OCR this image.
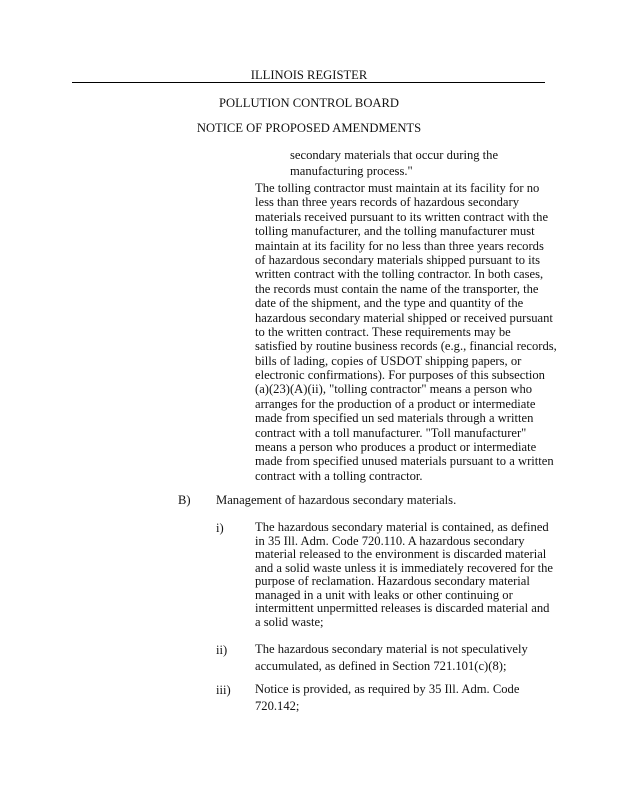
ILLINOIS REGISTER
POLLUTION CONTROL BOARD
NOTICE OF PROPOSED AMENDMENTS
secondary materials that occur during the
manufacturing process."
The tolling contractor must maintain at its facility for no
less than three years records of hazardous secondary
materials received pursuant to its written contract with the
tolling manufacturer, and the tolling manufacturer must
maintain at its facility for no less than three years records
of hazardous secondary materials shipped pursuant to its
written contract with the tolling contractor. In both cases,
the records must contain the name of the transporter, the
date of the shipment, and the type and quantity of the
hazardous secondary material shipped or received pursuant
to the written contract. These requirements may be
satisfied by routine business records (e.g., financial records,
bills of lading, copies of USDOT shipping papers, or
electronic confirmations). For purposes of this subsection
(a)(23)(A)(ii), "tolling contractor" means a person who
arranges for the production of a product or intermediate
made from specified un sed materials through a written
contract with a toll manufacturer. "Toll manufacturer"
means a person who produces a product or intermediate
made from specified unused materials pursuant to a written
contract with a tolling contractor.
B) Management of hazardous secondary materials.
i) The hazardous secondary material is contained, as defined
in 35 Ill. Adm. Code 720.110. A hazardous secondary
material released to the environment is discarded material
and a solid waste unless it is immediately recovered for the
purpose of reclamation. Hazardous secondary material
managed in a unit with leaks or other continuing or
intermittent unpermitted releases is discarded material and
a solid waste;
ii) The hazardous secondary material is not speculatively
accumulated, as defined in Section 721.101(c)(8);
iii) Notice is provided, as required by 35 Ill. Adm. Code
720.142;
